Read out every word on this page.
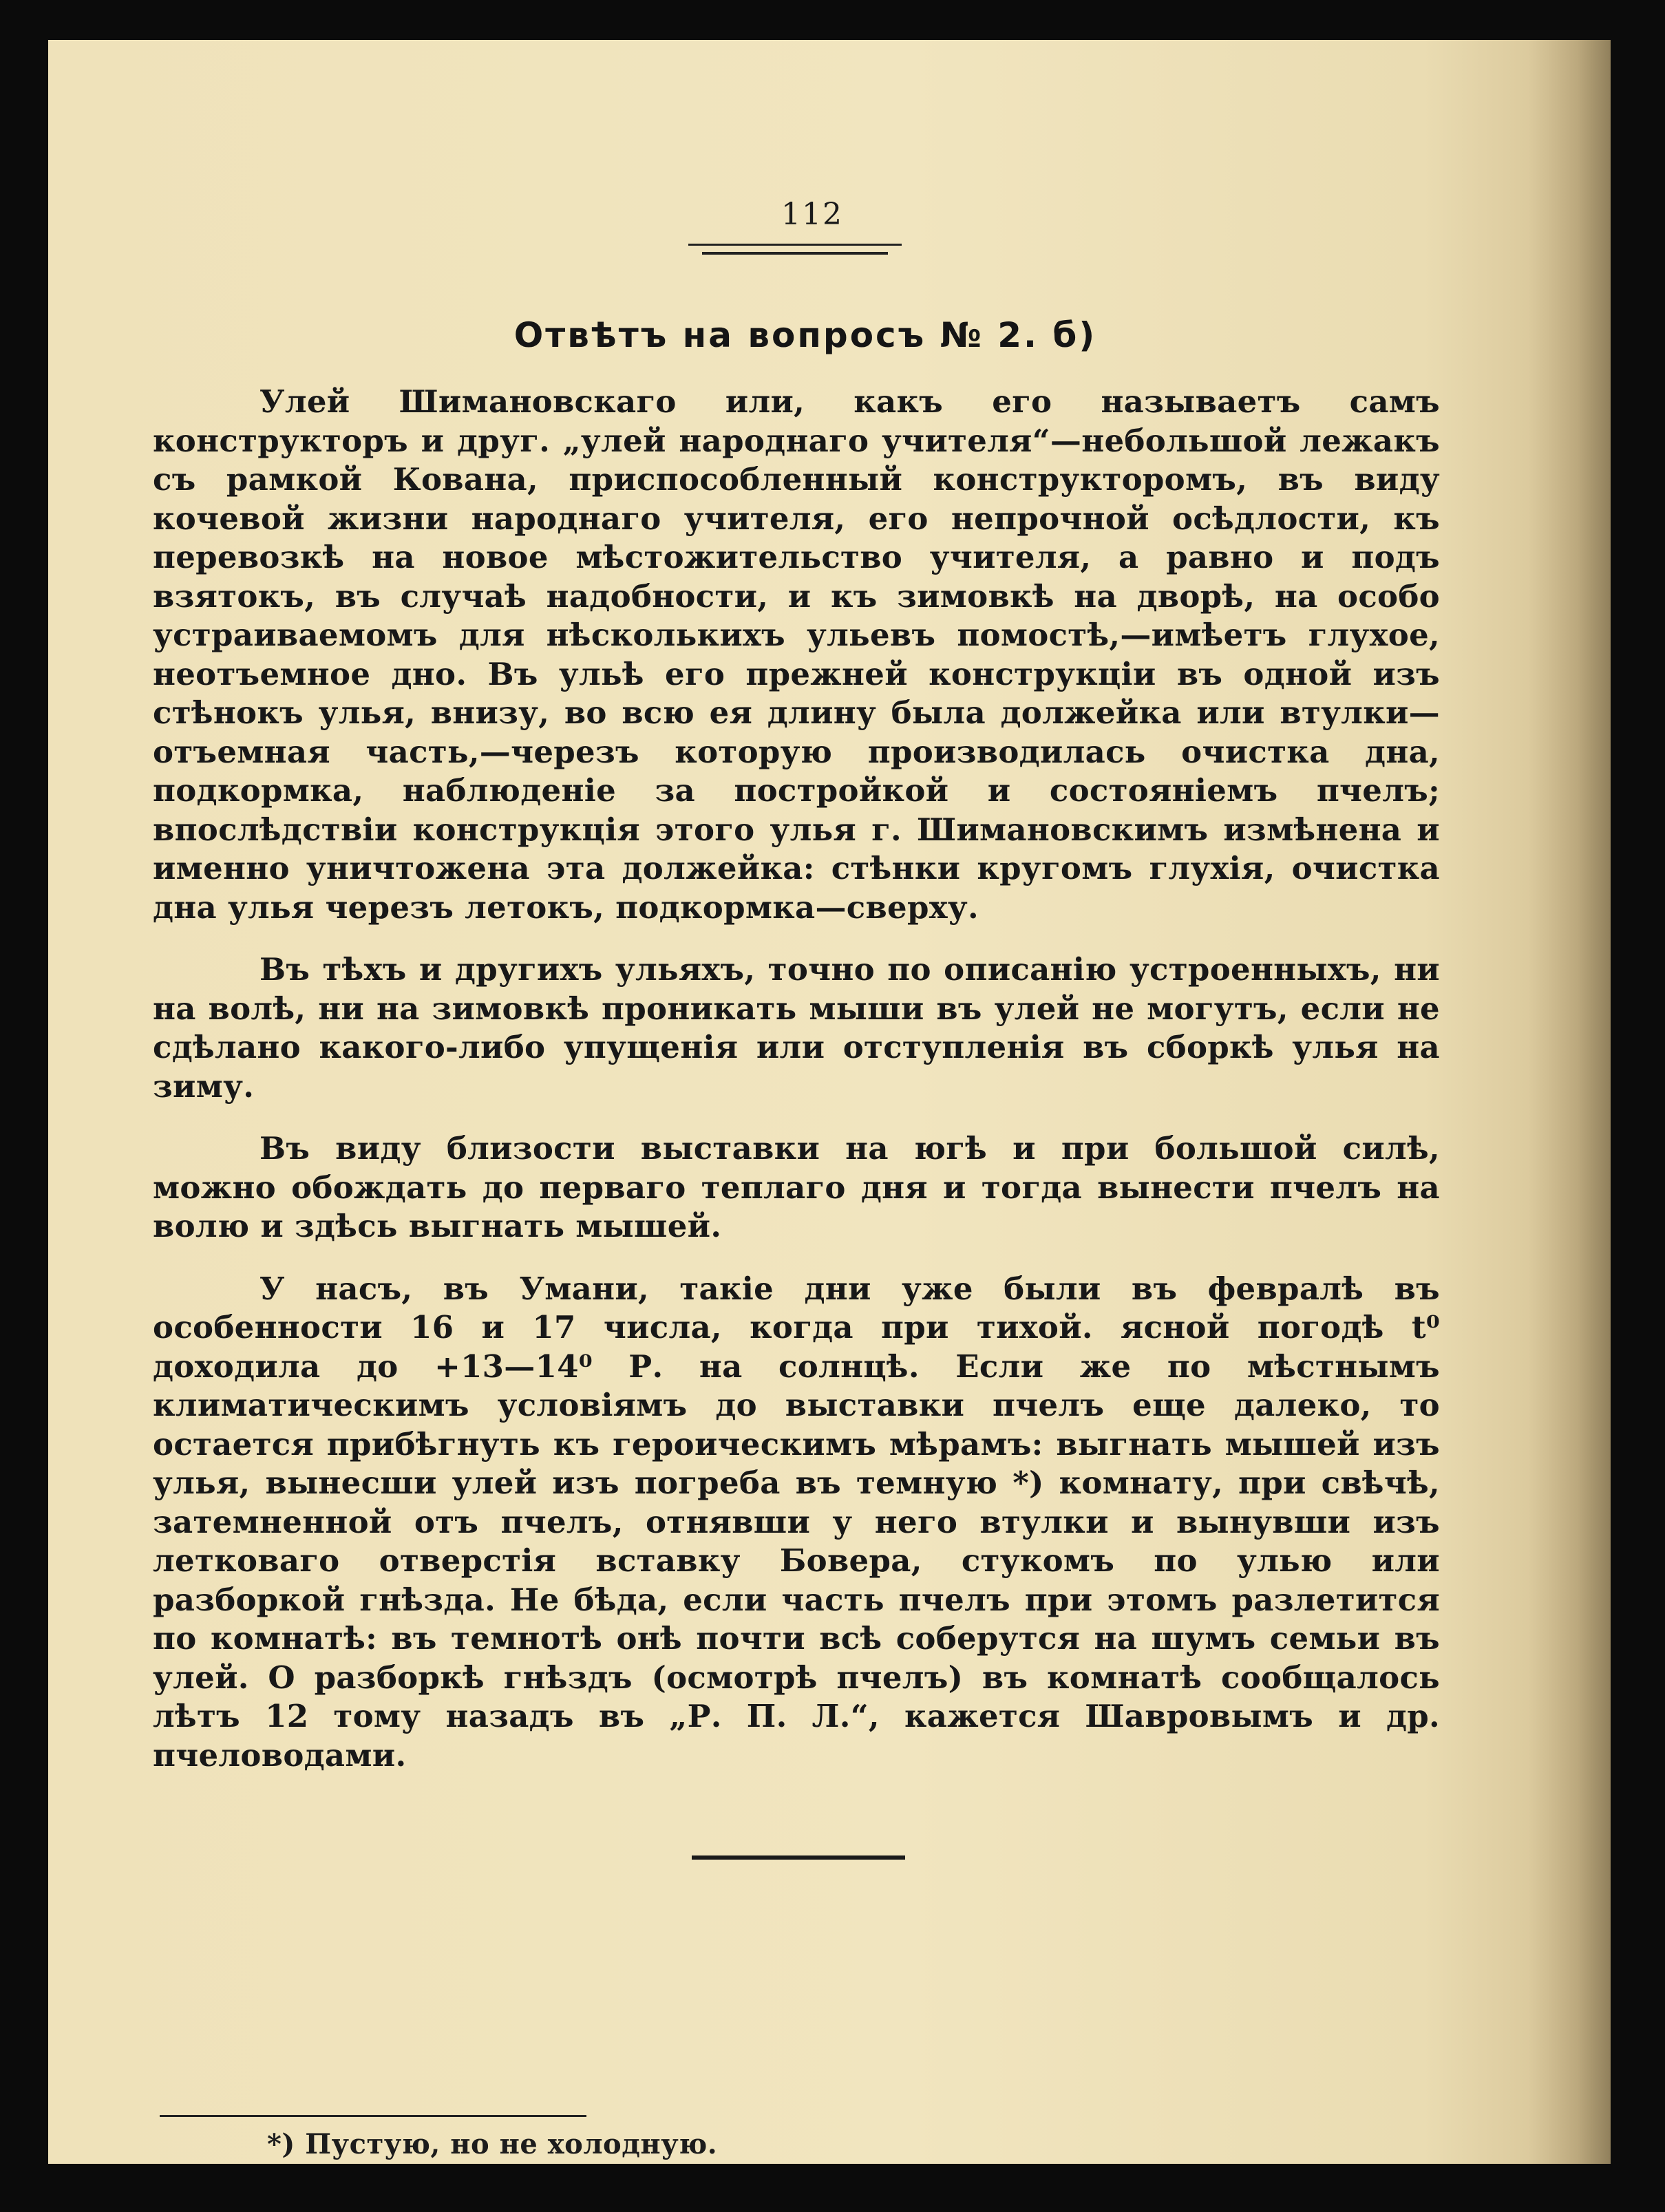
112
Отвѣтъ на вопросъ № 2. б)

Улей Шимановскаго или, какъ его называетъ самъ конструкторъ и друг. „улей народнаго учителя“—небольшой лежакъ съ рамкой Кована, приспособленный конструкторомъ, въ виду кочевой жизни народнаго учителя, его непрочной осѣдлости, къ перевозкѣ на новое мѣстожительство учителя, а равно и подъ взятокъ, въ случаѣ надобности, и къ зимовкѣ на дворѣ, на особо устраиваемомъ для нѣсколькихъ ульевъ помостѣ,—имѣетъ глухое, неотъемное дно. Въ ульѣ его прежней конструкціи въ одной изъ стѣнокъ улья, внизу, во всю ея длину была должейка или втулки—отъемная часть,—черезъ которую производилась очистка дна, подкормка, наблюденіе за постройкой и состояніемъ пчелъ; впослѣдствіи конструкція этого улья г. Шимановскимъ измѣнена и именно уничтожена эта должейка: стѣнки кругомъ глухія, очистка дна улья черезъ летокъ, подкормка—сверху.

Въ тѣхъ и другихъ ульяхъ, точно по описанію устроенныхъ, ни на волѣ, ни на зимовкѣ проникать мыши въ улей не могутъ, если не сдѣлано какого-либо упущенія или отступленія въ сборкѣ улья на зиму.

Въ виду близости выставки на югѣ и при большой силѣ, можно обождать до перваго теплаго дня и тогда вынести пчелъ на волю и здѣсь выгнать мышей.

У насъ, въ Умани, такіе дни уже были въ февралѣ въ особенности 16 и 17 числа, когда при тихой. ясной погодѣ t⁰ доходила до +13—14⁰ Р. на солнцѣ. Если же по мѣстнымъ климатическимъ условіямъ до выставки пчелъ еще далеко, то остается прибѣгнуть къ героическимъ мѣрамъ: выгнать мышей изъ улья, вынесши улей изъ погреба въ темную *) комнату, при свѣчѣ, затемненной отъ пчелъ, отнявши у него втулки и вынувши изъ летковаго отверстія вставку Бовера, стукомъ по улью или разборкой гнѣзда. Не бѣда, если часть пчелъ при этомъ разлетится по комнатѣ: въ темнотѣ онѣ почти всѣ соберутся на шумъ семьи въ улей. О разборкѣ гнѣздъ (осмотрѣ пчелъ) въ комнатѣ сообщалось лѣтъ 12 тому назадъ въ „Р. П. Л.“, кажется Шавровымъ и др. пчеловодами.

*) Пустую, но не холодную.
